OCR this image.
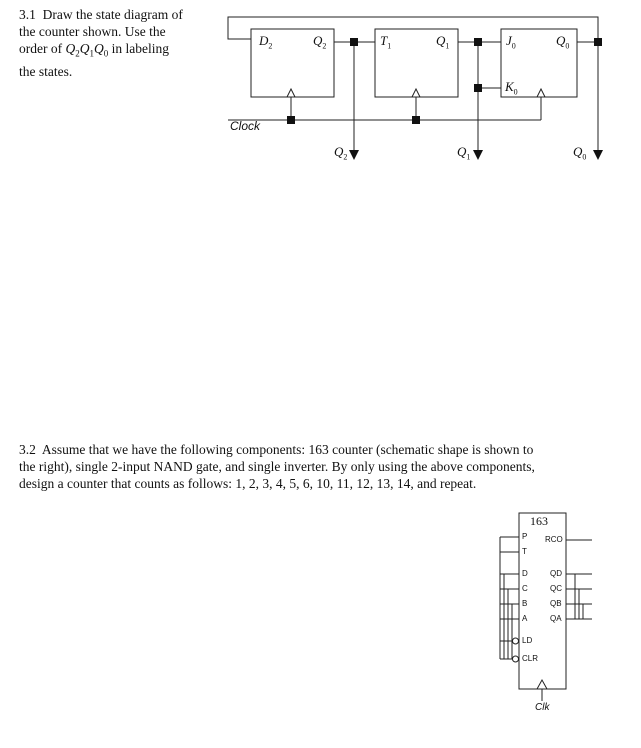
3.1 Draw the state diagram of
the counter shown. Use the
order of $Q_2Q_1Q_0$ in labeling
the states.
$D_2$	$Q_2$	$T_1$	$Q_1$	$J_0$	$Q_0$
$K_0$
Clock
$Q_2$	$Q_1$	$Q_0$
3.2 Assume that we have the following components: 163 counter (schematic shape is shown to
the right), single 2-input NAND gate, and single inverter. By only using the above components,
design a counter that counts as follows: 1, 2, 3, 4, 5, 6, 10, 11, 12, 13, 14, and repeat.
163
P
T
D
C
B
A
LD
CLR
RCO
QD
QC
QB
QA
Clk
